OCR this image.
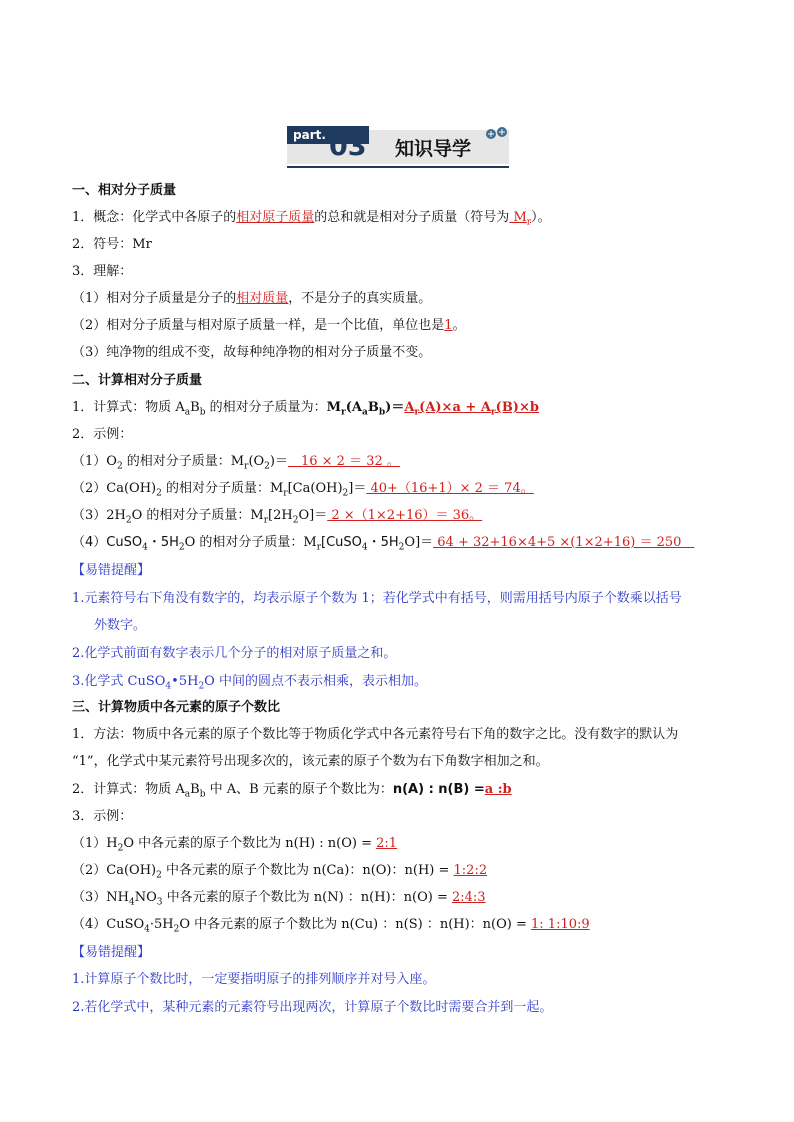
part. 03 知识导学
一、相对分子质量
1．概念：化学式中各原子的相对原子质量的总和就是相对分子质量（符号为 $M_r$）。
2．符号：Mr
3．理解：
（1）相对分子质量是分子的相对质量，不是分子的真实质量。
（2）相对分子质量与相对原子质量一样，是一个比值，单位也是1。
（3）纯净物的组成不变，故每种纯净物的相对分子质量不变。
二、计算相对分子质量
1．计算式：物质 $A_aB_b$ 的相对分子质量为：$M_r(A_aB_b)=A_r(A)\times a + A_r(B)\times b$
2．示例：
$(1)O_2$ 的相对分子质量：$M_r(O_2)=$　16 × 2 ＝ 32 。
$(2)Ca(OH)_2$ 的相对分子质量：$M_r[Ca(OH)_2]= 40+(16+1)\times 2 = 74$。
$(3)2H_2O$ 的相对分子质量：$M_r[2H_2O]= 2 \times(1\times 2+16)= 36$。
（4）CuSO$_4$・$5H_2O$ 的相对分子质量：$M_r[CuSO_4$・$5H_2O]= 64 + 32+16\times 4+5 \times(1\times 2+16) = 250$　
【易错提醒】
1.元素符号右下角没有数字的，均表示原子个数为 1；若化学式中有括号，则需用括号内原子个数乘以括号
外数字。
2.化学式前面有数字表示几个分子的相对原子质量之和。
3.化学式 $CuSO_4•5H_2O$ 中间的圆点不表示相乘，表示相加。
三、计算物质中各元素的原子个数比
1．方法：物质中各元素的原子个数比等于物质化学式中各元素符号右下角的数字之比。没有数字的默认为
“1”，化学式中某元素符号出现多次的，该元素的原子个数为右下角数字相加之和。
2．计算式：物质 $A_aB_b$ 中 A、B 元素的原子个数比为：n(A) : n(B) =a :b
3．示例：
$(1)H_2O$ 中各元素的原子个数比为 n(H) : n(O) = 2:1
$(2)Ca(OH)_2$ 中各元素的原子个数比为 n(Ca)：n(O)：n(H) = 1:2:2
$(3)NH_4NO_3$ 中各元素的原子个数比为 n(N) ：n(H)：n(O) = 2:4:3
$(4)CuSO_4\cdot 5H_2O$ 中各元素的原子个数比为 n(Cu) ：n(S) ：n(H)：n(O) = 1: 1:10:9
【易错提醒】
1.计算原子个数比时，一定要指明原子的排列顺序并对号入座。
2.若化学式中，某种元素的元素符号出现两次，计算原子个数比时需要合并到一起。
